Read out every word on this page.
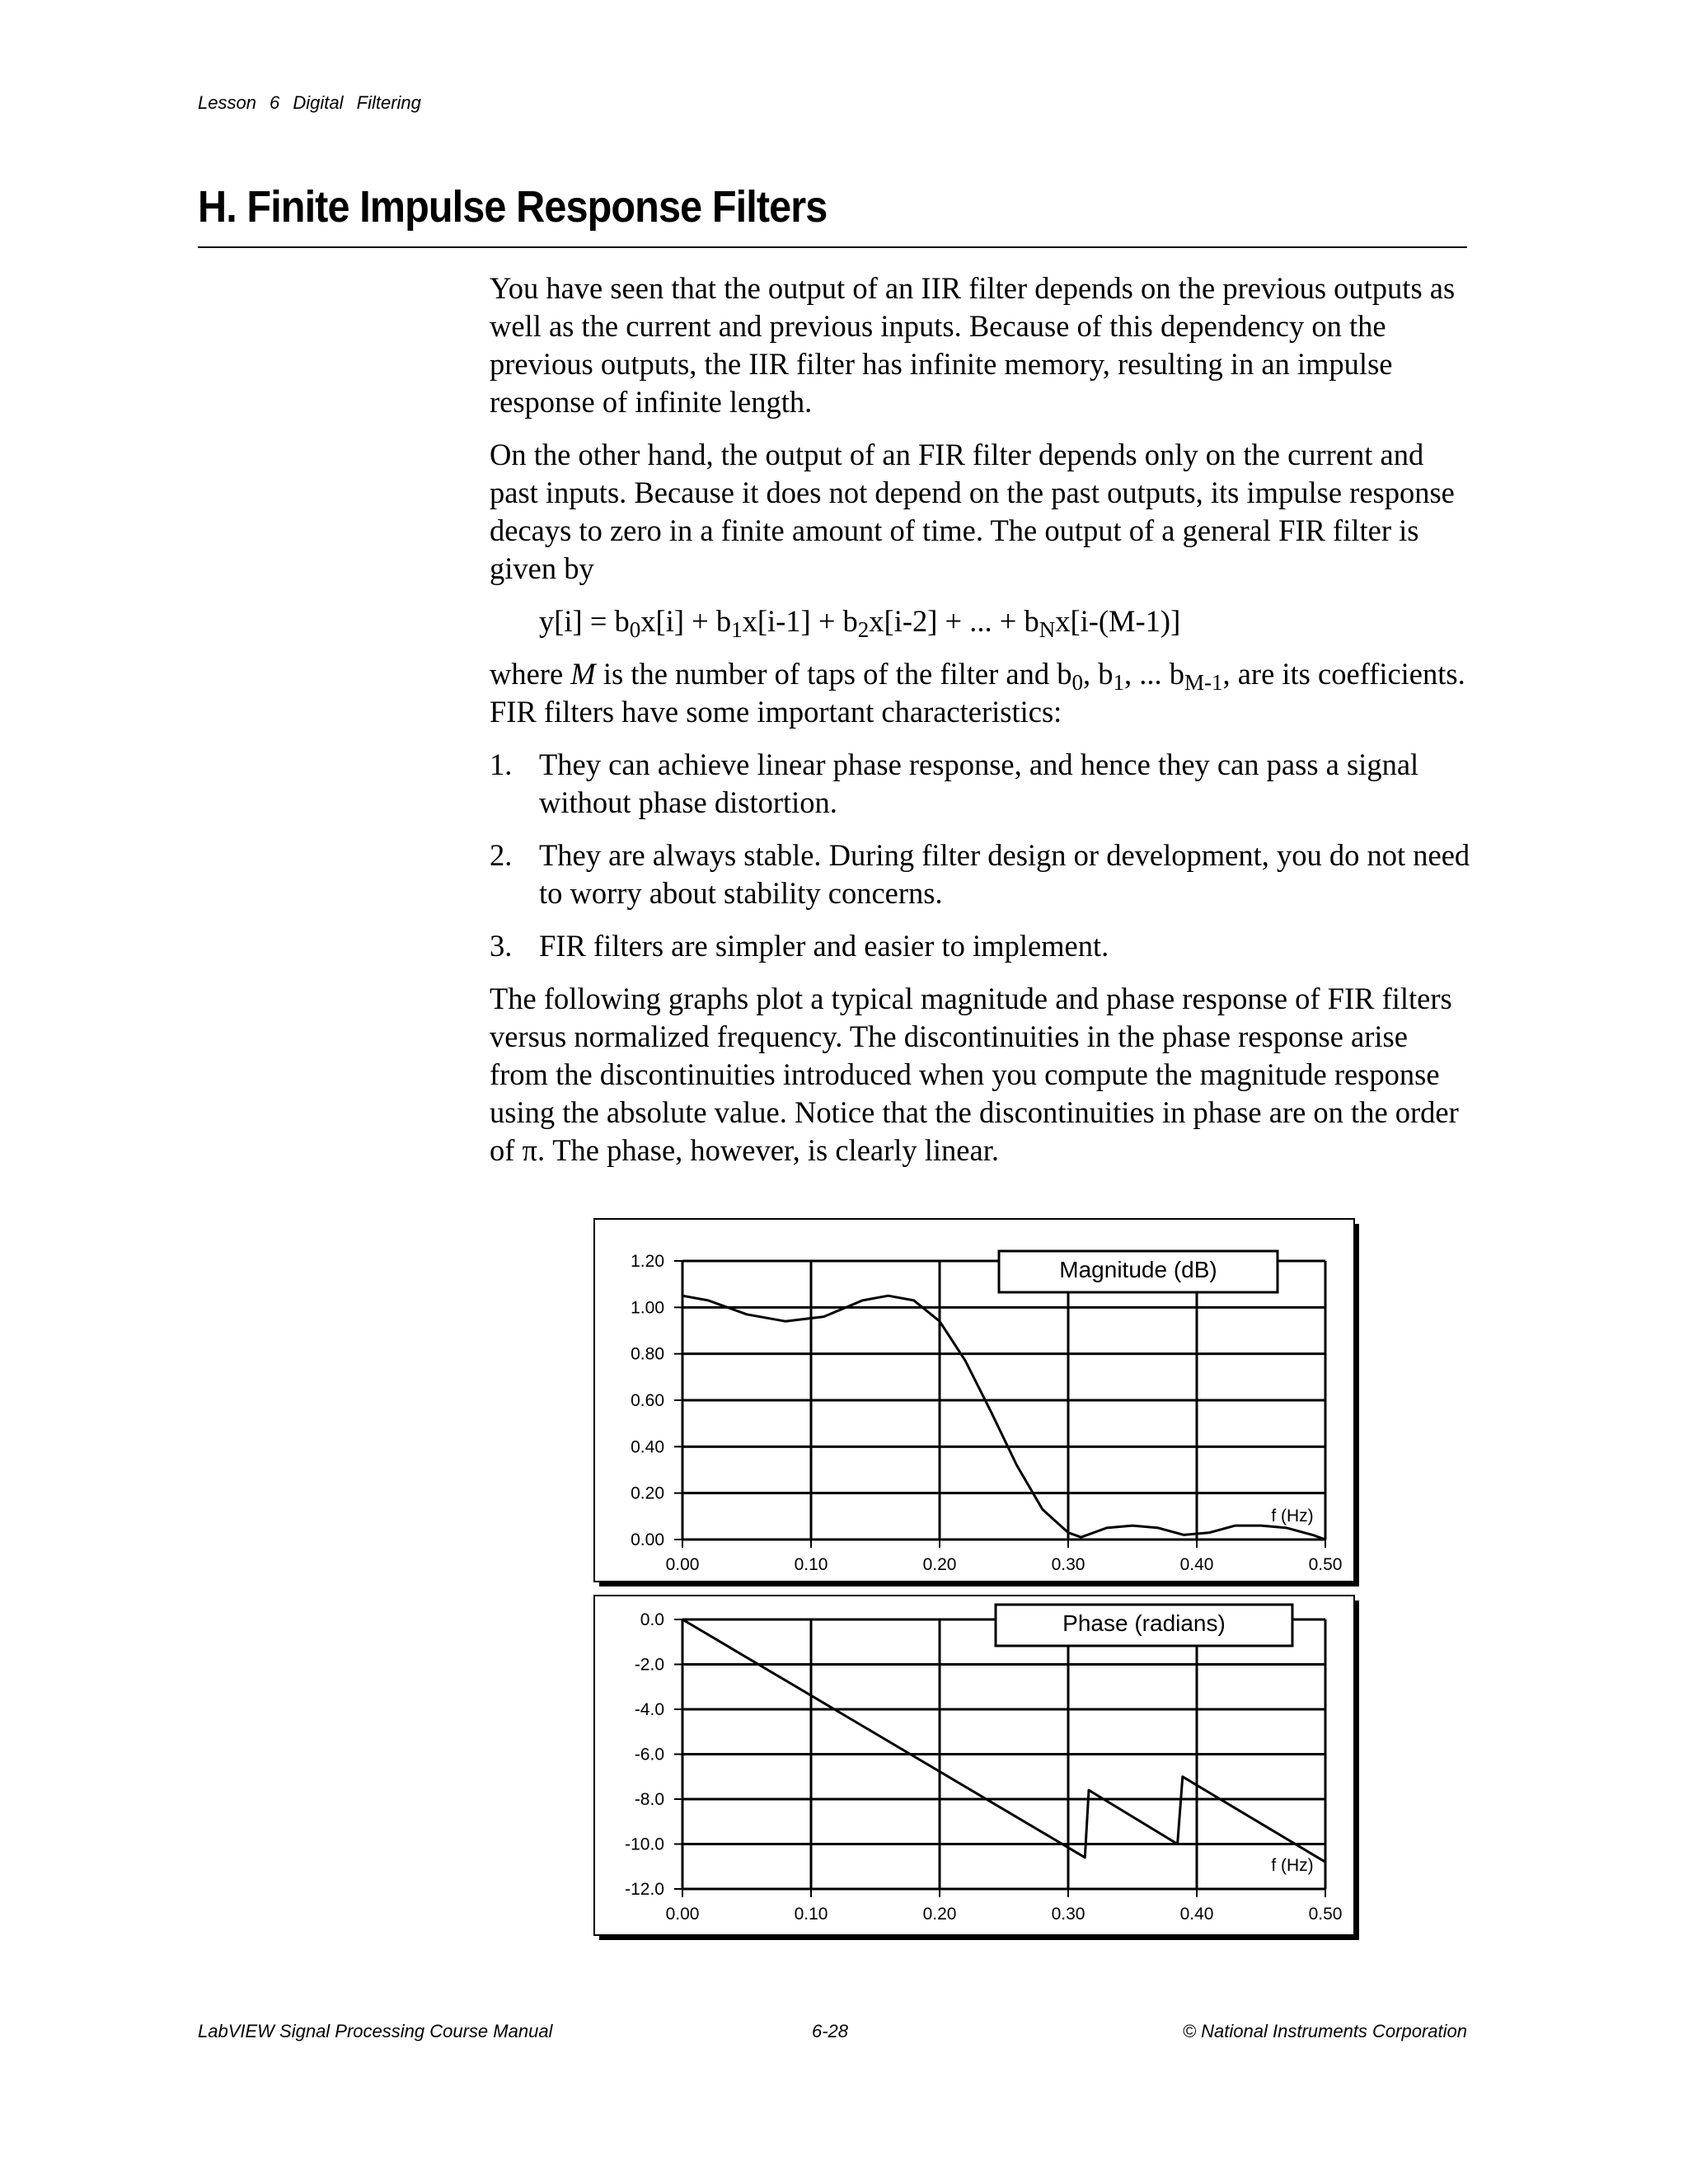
Lesson 6 Digital Filtering
H. Finite Impulse Response Filters

You have seen that the output of an IIR filter depends on the previous outputs as well as the current and previous inputs. Because of this dependency on the previous outputs, the IIR filter has infinite memory, resulting in an impulse response of infinite length.

On the other hand, the output of an FIR filter depends only on the current and past inputs. Because it does not depend on the past outputs, its impulse response decays to zero in a finite amount of time. The output of a general FIR filter is given by

$y[i] = b_0x[i] + b_1x[i-1] + b_2x[i-2]$ + ... + $b_Nx[i-(M-1)]$

where M is the number of taps of the filter and $b_0$, $b_1$, ... $b_{M-1}$, are its coefficients. FIR filters have some important characteristics:

1. They can achieve linear phase response, and hence they can pass a signal without phase distortion.
2. They are always stable. During filter design or development, you do not need to worry about stability concerns.
3. FIR filters are simpler and easier to implement.

The following graphs plot a typical magnitude and phase response of FIR filters versus normalized frequency. The discontinuities in the phase response arise from the discontinuities introduced when you compute the magnitude response using the absolute value. Notice that the discontinuities in phase are on the order of π. The phase, however, is clearly linear.

0.00
0.20
0.40
0.60
0.80
1.00
1.20
0.00	0.10	0.20	0.30	0.40	0.50
Magnitude (dB)
f (Hz)
0.0
-2.0
-4.0
-6.0
-8.0
-10.0
-12.0
0.00	0.10	0.20	0.30	0.40	0.50
Phase (radians)
f (Hz)
LabVIEW Signal Processing Course Manual	6-28	© National Instruments Corporation
